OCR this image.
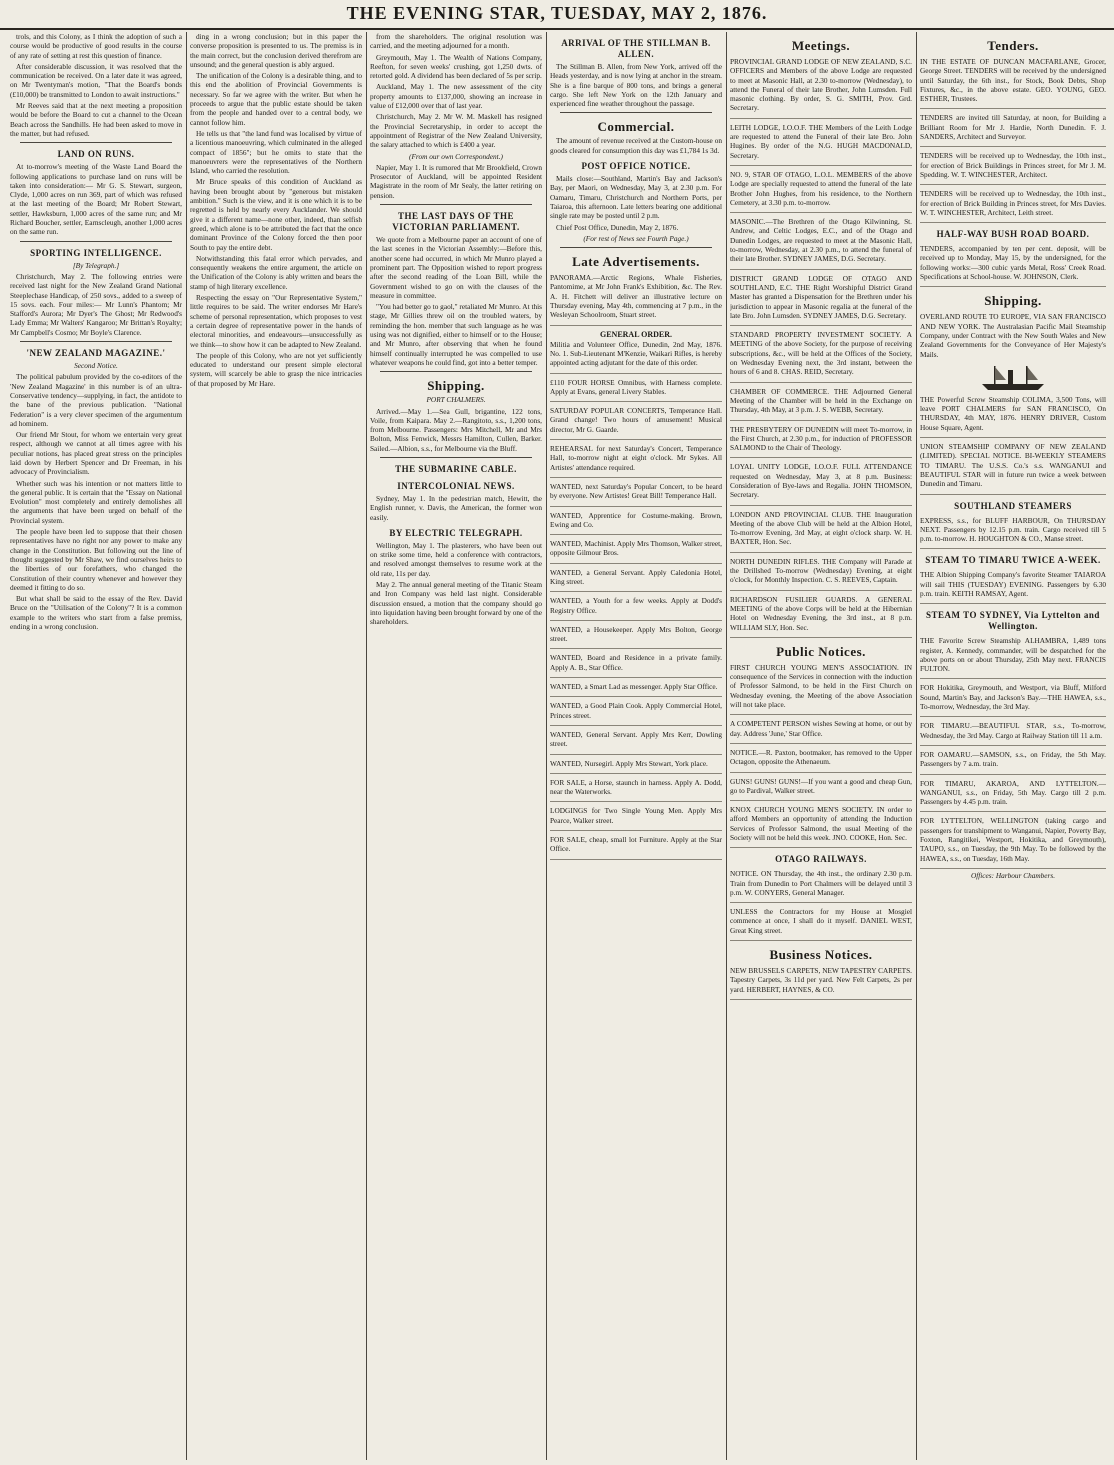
THE EVENING STAR, TUESDAY, MAY 2, 1876.

trols, and this Colony, as I think the adoption of such a course would be productive of good results in the course of any rate of setting at rest this question of finance.

After considerable discussion, it was resolved that the communication be received. On a later date it was agreed, on Mr Twentyman's motion, "That the Board's bonds (£10,000) be transmitted to London to await instructions."

Mr Reeves said that at the next meeting a proposition would be before the Board to cut a channel to the Ocean Beach across the Sandhills. He had been asked to move in the matter, but had refused.

LAND ON RUNS.

At to-morrow's meeting of the Waste Land Board the following applications to purchase land on runs will be taken into consideration:— Mr G. S. Stewart, surgeon, Clyde, 1,000 acres on run 369, part of which was refused at the last meeting of the Board; Mr Robert Stewart, settler, Hawksburn, 1,000 acres of the same run; and Mr Richard Boucher, settler, Earnscleugh, another 1,000 acres on the same run.

SPORTING INTELLIGENCE.
[By Telegraph.]

Christchurch, May 2. The following entries were received last night for the New Zealand Grand National Steeplechase Handicap, of 250 sovs., added to a sweep of 15 sovs. each. Four miles:— Mr Lunn's Phantom; Mr Stafford's Aurora; Mr Dyer's The Ghost; Mr Redwood's Lady Emma; Mr Walters' Kangaroo; Mr Brittan's Royalty; Mr Campbell's Cosmo; Mr Boyle's Clarence.

'NEW ZEALAND MAGAZINE.'
Second Notice.

The political pabulum provided by the co-editors of the 'New Zealand Magazine' in this number is of an ultra-Conservative tendency—supplying, in fact, the antidote to the bane of the previous publication. "National Federation" is a very clever specimen of the argumentum ad hominem.

Our friend Mr Stout, for whom we entertain very great respect, although we cannot at all times agree with his peculiar notions, has placed great stress on the principles laid down by Herbert Spencer and Dr Freeman, in his advocacy of Provincialism.

Whether such was his intention or not matters little to the general public. It is certain that the "Essay on National Evolution" most completely and entirely demolishes all the arguments that have been urged on behalf of the Provincial system.

The people have been led to suppose that their chosen representatives have no right nor any power to make any change in the Constitution. But following out the line of thought suggested by Mr Shaw, we find ourselves heirs to the liberties of our forefathers, who changed the Constitution of their country whenever and however they deemed it fitting to do so.

But what shall be said to the essay of the Rev. David Bruce on the "Utilisation of the Colony"? It is a common example to the writers who start from a false premiss, ending in a wrong conclusion.

ding in a wrong conclusion; but in this paper the converse proposition is presented to us. The premiss is in the main correct, but the conclusion derived therefrom are unsound; and the general question is ably argued.

The unification of the Colony is a desirable thing, and to this end the abolition of Provincial Governments is necessary. So far we agree with the writer. But when he proceeds to argue that the public estate should be taken from the people and handed over to a central body, we cannot follow him.

He tells us that "the land fund was localised by virtue of a licentious manoeuvring, which culminated in the alleged compact of 1856"; but he omits to state that the manoeuvrers were the representatives of the Northern Island, who carried the resolution.

Mr Bruce speaks of this condition of Auckland as having been brought about by "generous but mistaken ambition." Such is the view, and it is one which it is to be regretted is held by nearly every Aucklander. We should give it a different name—none other, indeed, than selfish greed, which alone is to be attributed the fact that the once dominant Province of the Colony forced the then poor South to pay the entire debt.

Notwithstanding this fatal error which pervades, and consequently weakens the entire argument, the article on the Unification of the Colony is ably written and bears the stamp of high literary excellence.

Respecting the essay on "Our Representative System," little requires to be said. The writer endorses Mr Hare's scheme of personal representation, which proposes to vest a certain degree of representative power in the hands of electoral minorities, and endeavours—unsuccessfully as we think—to show how it can be adapted to New Zealand.

The people of this Colony, who are not yet sufficiently educated to understand our present simple electoral system, will scarcely be able to grasp the nice intricacies of that proposed by Mr Hare.

from the shareholders. The original resolution was carried, and the meeting adjourned for a month.

Greymouth, May 1. The Wealth of Nations Company, Reefton, for seven weeks' crushing, got 1,250 dwts. of retorted gold. A dividend has been declared of 5s per scrip.

Auckland, May 1. The new assessment of the city property amounts to £137,000, showing an increase in value of £12,000 over that of last year.

Christchurch, May 2. Mr W. M. Maskell has resigned the Provincial Secretaryship, in order to accept the appointment of Registrar of the New Zealand University, the salary attached to which is £400 a year.

(From our own Correspondent.)

Napier, May 1. It is rumored that Mr Brookfield, Crown Prosecutor of Auckland, will be appointed Resident Magistrate in the room of Mr Sealy, the latter retiring on pension.

THE LAST DAYS OF THE VICTORIAN PARLIAMENT.

We quote from a Melbourne paper an account of one of the last scenes in the Victorian Assembly:—Before this, another scene had occurred, in which Mr Munro played a prominent part. The Opposition wished to report progress after the second reading of the Loan Bill, while the Government wished to go on with the clauses of the measure in committee.

"You had better go to gaol," retaliated Mr Munro. At this stage, Mr Gillies threw oil on the troubled waters, by reminding the hon. member that such language as he was using was not dignified, either to himself or to the House; and Mr Munro, after observing that when he found himself continually interrupted he was compelled to use whatever weapons he could find, got into a better temper.

Shipping.
PORT CHALMERS.

Arrived.—May 1.—Sea Gull, brigantine, 122 tons, Voile, from Kaipara. May 2.—Rangitoto, s.s., 1,200 tons, from Melbourne. Passengers: Mrs Mitchell, Mr and Mrs Bolton, Miss Fenwick, Messrs Hamilton, Cullen, Barker. Sailed.—Albion, s.s., for Melbourne via the Bluff.

THE SUBMARINE CABLE.
INTERCOLONIAL NEWS.

Sydney, May 1. In the pedestrian match, Hewitt, the English runner, v. Davis, the American, the former won easily.

BY ELECTRIC TELEGRAPH.

Wellington, May 1. The plasterers, who have been out on strike some time, held a conference with contractors, and resolved amongst themselves to resume work at the old rate, 11s per day.

May 2. The annual general meeting of the Titanic Steam and Iron Company was held last night. Considerable discussion ensued, a motion that the company should go into liquidation having been brought forward by one of the shareholders.

ARRIVAL OF THE STILLMAN B. ALLEN.

The Stillman B. Allen, from New York, arrived off the Heads yesterday, and is now lying at anchor in the stream. She is a fine barque of 800 tons, and brings a general cargo. She left New York on the 12th January and experienced fine weather throughout the passage.

Commercial.

The amount of revenue received at the Custom-house on goods cleared for consumption this day was £1,784 1s 3d.

POST OFFICE NOTICE.

Mails close:—Southland, Martin's Bay and Jackson's Bay, per Maori, on Wednesday, May 3, at 2.30 p.m. For Oamaru, Timaru, Christchurch and Northern Ports, per Taiaroa, this afternoon. Late letters bearing one additional single rate may be posted until 2 p.m.

Chief Post Office, Dunedin, May 2, 1876.

(For rest of News see Fourth Page.)
Late Advertisements.

PANORAMA.—Arctic Regions, Whale Fisheries, Pantomime, at Mr John Frank's Exhibition, &c. The Rev. A. H. Fitchett will deliver an illustrative lecture on Thursday evening, May 4th, commencing at 7 p.m., in the Wesleyan Schoolroom, Stuart street.

GENERAL ORDER.

Militia and Volunteer Office, Dunedin, 2nd May, 1876. No. 1. Sub-Lieutenant M'Kenzie, Waikari Rifles, is hereby appointed acting adjutant for the date of this order.

£110 FOUR HORSE Omnibus, with Harness complete. Apply at Evans, general Livery Stables.

SATURDAY POPULAR CONCERTS, Temperance Hall. Grand change! Two hours of amusement! Musical director, Mr G. Gaarde.

REHEARSAL for next Saturday's Concert, Temperance Hall, to-morrow night at eight o'clock. Mr Sykes. All Artistes' attendance required.

WANTED, next Saturday's Popular Concert, to be heard by everyone. New Artistes! Great Bill! Temperance Hall.

WANTED, Apprentice for Costume-making. Brown, Ewing and Co.

WANTED, Machinist. Apply Mrs Thomson, Walker street, opposite Gilmour Bros.

WANTED, a General Servant. Apply Caledonia Hotel, King street.

WANTED, a Youth for a few weeks. Apply at Dodd's Registry Office.

WANTED, a Housekeeper. Apply Mrs Bolton, George street.

WANTED, Board and Residence in a private family. Apply A. B., Star Office.

WANTED, a Smart Lad as messenger. Apply Star Office.

WANTED, a Good Plain Cook. Apply Commercial Hotel, Princes street.

WANTED, General Servant. Apply Mrs Kerr, Dowling street.

WANTED, Nursegirl. Apply Mrs Stewart, York place.

FOR SALE, a Horse, staunch in harness. Apply A. Dodd, near the Waterworks.

LODGINGS for Two Single Young Men. Apply Mrs Pearce, Walker street.

FOR SALE, cheap, small lot Furniture. Apply at the Star Office.

Meetings.

PROVINCIAL GRAND LODGE OF NEW ZEALAND, S.C. OFFICERS and Members of the above Lodge are requested to meet at Masonic Hall, at 2.30 to-morrow (Wednesday), to attend the Funeral of their late Brother, John Lumsden. Full masonic clothing. By order, S. G. SMITH, Prov. Grd. Secretary.

LEITH LODGE, I.O.O.F. THE Members of the Leith Lodge are requested to attend the Funeral of their late Bro. John Hugines. By order of the N.G. HUGH MACDONALD, Secretary.

NO. 9, STAR OF OTAGO, L.O.L. MEMBERS of the above Lodge are specially requested to attend the funeral of the late Brother John Hughes, from his residence, to the Northern Cemetery, at 3.30 p.m. to-morrow.

MASONIC.—The Brethren of the Otago Kilwinning, St. Andrew, and Celtic Lodges, E.C., and of the Otago and Dunedin Lodges, are requested to meet at the Masonic Hall, to-morrow, Wednesday, at 2.30 p.m., to attend the funeral of their late Brother. SYDNEY JAMES, D.G. Secretary.

DISTRICT GRAND LODGE OF OTAGO AND SOUTHLAND, E.C. THE Right Worshipful District Grand Master has granted a Dispensation for the Brethren under his jurisdiction to appear in Masonic regalia at the funeral of the late Bro. John Lumsden. SYDNEY JAMES, D.G. Secretary.

STANDARD PROPERTY INVESTMENT SOCIETY. A MEETING of the above Society, for the purpose of receiving subscriptions, &c., will be held at the Offices of the Society, on Wednesday Evening next, the 3rd instant, between the hours of 6 and 8. CHAS. REID, Secretary.

CHAMBER OF COMMERCE. THE Adjourned General Meeting of the Chamber will be held in the Exchange on Thursday, 4th May, at 3 p.m. J. S. WEBB, Secretary.

THE PRESBYTERY OF DUNEDIN will meet To-morrow, in the First Church, at 2.30 p.m., for induction of PROFESSOR SALMOND to the Chair of Theology.

LOYAL UNITY LODGE, I.O.O.F. FULL ATTENDANCE requested on Wednesday, May 3, at 8 p.m. Business: Consideration of Bye-laws and Regalia. JOHN THOMSON, Secretary.

LONDON AND PROVINCIAL CLUB. THE Inauguration Meeting of the above Club will be held at the Albion Hotel, To-morrow Evening, 3rd May, at eight o'clock sharp. W. H. BAXTER, Hon. Sec.

NORTH DUNEDIN RIFLES. THE Company will Parade at the Drillshed To-morrow (Wednesday) Evening, at eight o'clock, for Monthly Inspection. C. S. REEVES, Captain.

RICHARDSON FUSILIER GUARDS. A GENERAL MEETING of the above Corps will be held at the Hibernian Hotel on Wednesday Evening, the 3rd inst., at 8 p.m. WILLIAM SLY, Hon. Sec.

Public Notices.

FIRST CHURCH YOUNG MEN'S ASSOCIATION. IN consequence of the Services in connection with the induction of Professor Salmond, to be held in the First Church on Wednesday evening, the Meeting of the above Association will not take place.

A COMPETENT PERSON wishes Sewing at home, or out by day. Address 'June,' Star Office.

NOTICE.—R. Paxton, bootmaker, has removed to the Upper Octagon, opposite the Athenaeum.

GUNS! GUNS! GUNS!—If you want a good and cheap Gun, go to Pardival, Walker street.

KNOX CHURCH YOUNG MEN'S SOCIETY. IN order to afford Members an opportunity of attending the Induction Services of Professor Salmond, the usual Meeting of the Society will not be held this week. JNO. COOKE, Hon. Sec.

OTAGO RAILWAYS.

NOTICE. ON Thursday, the 4th inst., the ordinary 2.30 p.m. Train from Dunedin to Port Chalmers will be delayed until 3 p.m. W. CONYERS, General Manager.

UNLESS the Contractors for my House at Mosgiel commence at once, I shall do it myself. DANIEL WEST, Great King street.

Business Notices.

NEW BRUSSELS CARPETS, NEW TAPESTRY CARPETS. Tapestry Carpets, 3s 11d per yard. New Felt Carpets, 2s per yard. HERBERT, HAYNES, & CO.

Tenders.

IN THE ESTATE OF DUNCAN MACFARLANE, Grocer, George Street. TENDERS will be received by the undersigned until Saturday, the 6th inst., for Stock, Book Debts, Shop Fixtures, &c., in the above estate. GEO. YOUNG, GEO. ESTHER, Trustees.

TENDERS are invited till Saturday, at noon, for Building a Brilliant Room for Mr J. Hardie, North Dunedin. F. J. SANDERS, Architect and Surveyor.

TENDERS will be received up to Wednesday, the 10th inst., for erection of Brick Buildings in Princes street, for Mr J. M. Spedding. W. T. WINCHESTER, Architect.

TENDERS will be received up to Wednesday, the 10th inst., for erection of Brick Building in Princes street, for Mrs Davies. W. T. WINCHESTER, Architect, Leith street.

HALF-WAY BUSH ROAD BOARD.

TENDERS, accompanied by ten per cent. deposit, will be received up to Monday, May 15, by the undersigned, for the following works:—300 cubic yards Metal, Ross' Creek Road. Specifications at School-house. W. JOHNSON, Clerk.

Shipping.

OVERLAND ROUTE TO EUROPE, VIA SAN FRANCISCO AND NEW YORK. The Australasian Pacific Mail Steamship Company, under Contract with the New South Wales and New Zealand Governments for the Conveyance of Her Majesty's Mails.

THE Powerful Screw Steamship COLIMA, 3,500 Tons, will leave PORT CHALMERS for SAN FRANCISCO, On THURSDAY, 4th MAY, 1876. HENRY DRIVER, Custom House Square, Agent.

UNION STEAMSHIP COMPANY OF NEW ZEALAND (LIMITED). SPECIAL NOTICE. BI-WEEKLY STEAMERS TO TIMARU. The U.S.S. Co.'s s.s. WANGANUI and BEAUTIFUL STAR will in future run twice a week between Dunedin and Timaru.

SOUTHLAND STEAMERS

EXPRESS, s.s., for BLUFF HARBOUR, On THURSDAY NEXT. Passengers by 12.15 p.m. train. Cargo received till 5 p.m. to-morrow. H. HOUGHTON & CO., Manse street.

STEAM TO TIMARU TWICE A-WEEK.

THE Albion Shipping Company's favorite Steamer TAIAROA will sail THIS (TUESDAY) EVENING. Passengers by 6.30 p.m. train. KEITH RAMSAY, Agent.

STEAM TO SYDNEY, Via Lyttelton and Wellington.

THE Favorite Screw Steamship ALHAMBRA, 1,489 tons register, A. Kennedy, commander, will be despatched for the above ports on or about Thursday, 25th May next. FRANCIS FULTON.

FOR Hokitika, Greymouth, and Westport, via Bluff, Milford Sound, Martin's Bay, and Jackson's Bay.—THE HAWEA, s.s., To-morrow, Wednesday, the 3rd May.

FOR TIMARU.—BEAUTIFUL STAR, s.s., To-morrow, Wednesday, the 3rd May. Cargo at Railway Station till 11 a.m.

FOR OAMARU.—SAMSON, s.s., on Friday, the 5th May. Passengers by 7 a.m. train.

FOR TIMARU, AKAROA, AND LYTTELTON.—WANGANUI, s.s., on Friday, 5th May. Cargo till 2 p.m. Passengers by 4.45 p.m. train.

FOR LYTTELTON, WELLINGTON (taking cargo and passengers for transhipment to Wanganui, Napier, Poverty Bay, Foxton, Rangitikei, Westport, Hokitika, and Greymouth), TAUPO, s.s., on Tuesday, the 9th May. To be followed by the HAWEA, s.s., on Tuesday, 16th May.

Offices: Harbour Chambers.
